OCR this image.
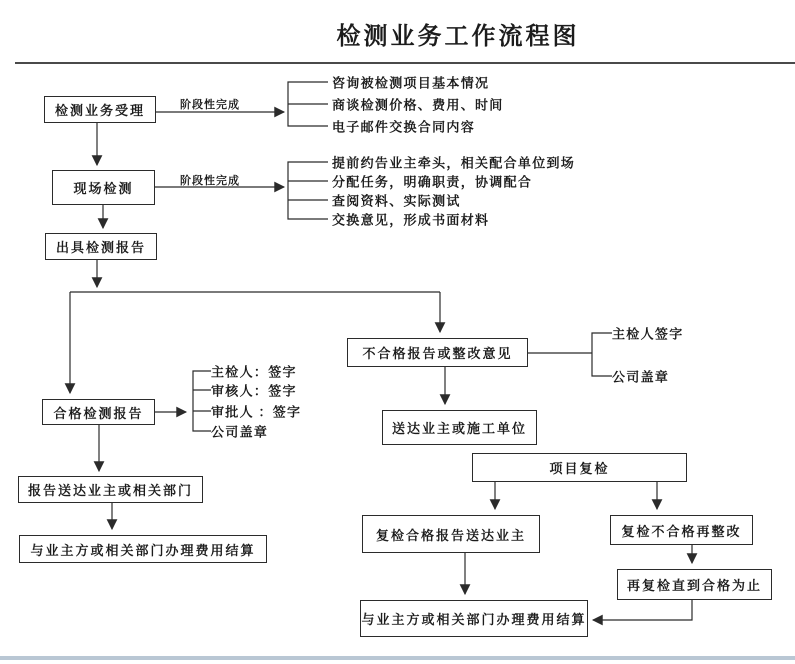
检测业务工作流程图
检测业务受理
现场检测
出具检测报告
合格检测报告
报告送达业主或相关部门
与业主方或相关部门办理费用结算
不合格报告或整改意见
送达业主或施工单位
项目复检
复检合格报告送达业主	复检不合格再整改
再复检直到合格为止
与业主方或相关部门办理费用结算
阶段性完成
阶段性完成
咨询被检测项目基本情况
商谈检测价格、费用、时间
电子邮件交换合同内容
提前约告业主牵头，相关配合单位到场
分配任务，明确职责，协调配合
查阅资料、实际测试
交换意见，形成书面材料
主检人：签字
审核人：签字
审批人 ：签字
公司盖章
主检人签字
公司盖章
